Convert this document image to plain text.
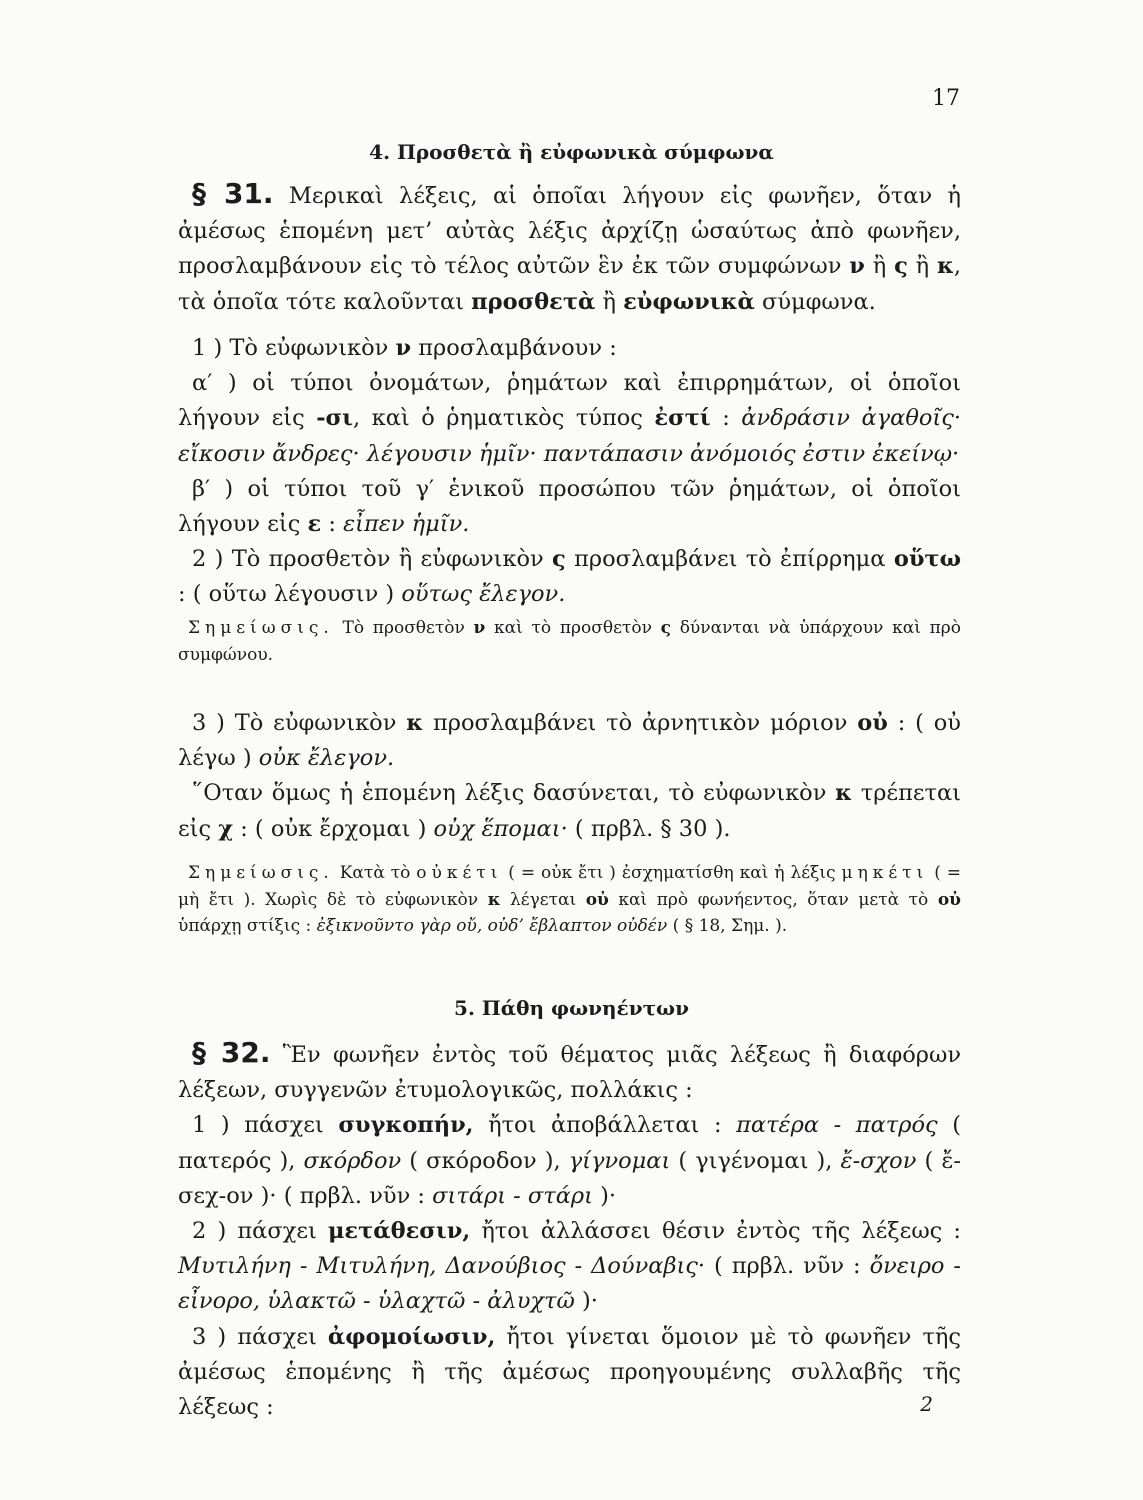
17
4. Προσθετὰ ἢ εὐφωνικὰ σύμφωνα

§ 31. Μερικαὶ λέξεις, αἱ ὁποῖαι λήγουν εἰς φωνῆεν, ὅταν ἡ ἀμέσως ἑπομένη μετ’ αὐτὰς λέξις ἀρχίζῃ ὡσαύτως ἀπὸ φωνῆεν, προσλαμβάνουν εἰς τὸ τέλος αὐτῶν ἓν ἐκ τῶν συμφώνων ν ἢ ς ἢ κ, τὰ ὁποῖα τότε καλοῦνται προσθετὰ ἢ εὐφωνικὰ σύμφωνα.

1 ) Τὸ εὐφωνικὸν ν προσλαμβάνουν :

α′ ) οἱ τύποι ὀνομάτων, ῥημάτων καὶ ἐπιρρημάτων, οἱ ὁποῖοι λήγουν εἰς -σι, καὶ ὁ ῥηματικὸς τύπος ἐστί : ἀνδράσιν ἀγαθοῖς· εἴκοσιν ἄνδρες· λέγουσιν ἡμῖν· παντάπασιν ἀνόμοιός ἐστιν ἐκείνῳ·

β′ ) οἱ τύποι τοῦ γ′ ἑνικοῦ προσώπου τῶν ῥημάτων, οἱ ὁποῖοι λήγουν εἰς ε : εἶπεν ἡμῖν.

2 ) Τὸ προσθετὸν ἢ εὐφωνικὸν ς προσλαμβάνει τὸ ἐπίρρημα οὕτω : ( οὕτω λέγουσιν ) οὕτως ἔλεγον.

Σημείωσις. Τὸ προσθετὸν ν καὶ τὸ προσθετὸν ς δύνανται νὰ ὑπάρχουν καὶ πρὸ συμφώνου.

3 ) Τὸ εὐφωνικὸν κ προσλαμβάνει τὸ ἀρνητικὸν μόριον οὐ : ( οὐ λέγω ) οὐκ ἔλεγον.

῞Οταν ὅμως ἡ ἑπομένη λέξις δασύνεται, τὸ εὐφωνικὸν κ τρέπεται εἰς χ : ( οὐκ ἔρχομαι ) οὐχ ἕπομαι· ( πρβλ. § 30 ).

Σημείωσις. Κατὰ τὸ οὐκέτι ( = οὐκ ἔτι ) ἐσχηματίσθη καὶ ἡ λέξις μηκέτι ( = μὴ ἔτι ). Χωρὶς δὲ τὸ εὐφωνικὸν κ λέγεται οὐ καὶ πρὸ φωνήεντος, ὅταν μετὰ τὸ οὐ ὑπάρχῃ στίξις : ἐξικνοῦντο γὰρ οὔ, οὐδ’ ἔβλαπτον οὐδέν ( § 18, Σημ. ).

5. Πάθη φωνηέντων

§ 32. Ἓν φωνῆεν ἐντὸς τοῦ θέματος μιᾶς λέξεως ἢ διαφόρων λέξεων, συγγενῶν ἐτυμολογικῶς, πολλάκις :

1 ) πάσχει συγκοπήν, ἤτοι ἀποβάλλεται : πατέρα - πατρός ( πατερός ), σκόρδον ( σκόροδον ), γίγνομαι ( γιγένομαι ), ἔ-σχον ( ἔ-σεχ-ον )· ( πρβλ. νῦν : σιτάρι - στάρι )·

2 ) πάσχει μετάθεσιν, ἤτοι ἀλλάσσει θέσιν ἐντὸς τῆς λέξεως : Μυτιλήνη - Μιτυλήνη, Δανούβιος - Δούναβις· ( πρβλ. νῦν : ὄνειρο - εἶνορο, ὑλακτῶ - ὑλαχτῶ - ἀλυχτῶ )·

3 ) πάσχει ἀφομοίωσιν, ἤτοι γίνεται ὅμοιον μὲ τὸ φωνῆεν τῆς ἀμέσως ἑπομένης ἢ τῆς ἀμέσως προηγουμένης συλλαβῆς τῆς λέξεως :	2
